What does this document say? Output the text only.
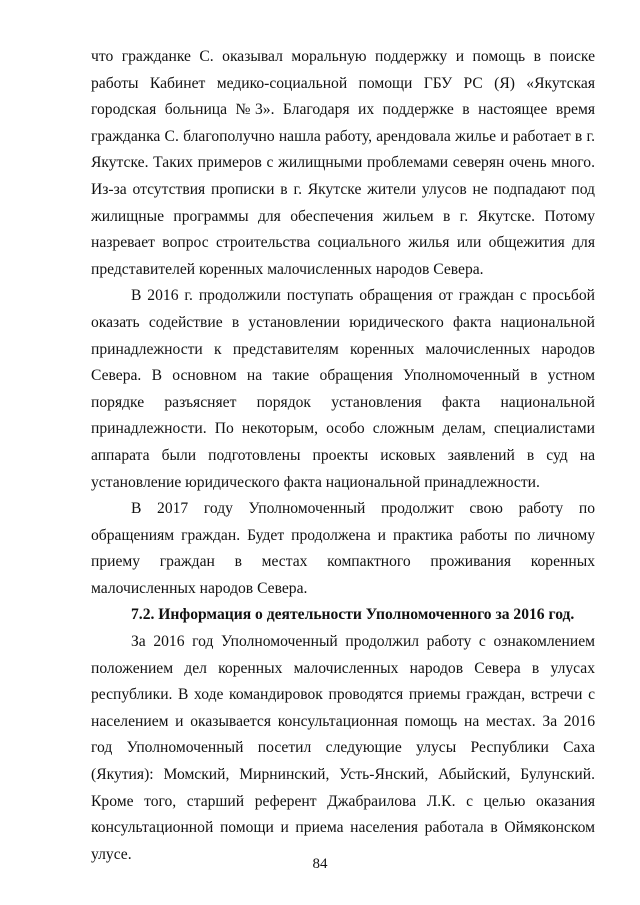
что гражданке С. оказывал моральную поддержку и помощь в поиске работы Кабинет медико-социальной помощи ГБУ РС (Я) «Якутская городская больница №3». Благодаря их поддержке в настоящее время гражданка С. благополучно нашла работу, арендовала жилье и работает в г. Якутске. Таких примеров с жилищными проблемами северян очень много. Из-за отсутствия прописки в г. Якутске жители улусов не подпадают под жилищные программы для обеспечения жильем в г. Якутске. Потому назревает вопрос строительства социального жилья или общежития для представителей коренных малочисленных народов Севера.

В 2016 г. продолжили поступать обращения от граждан с просьбой оказать содействие в установлении юридического факта национальной принадлежности к представителям коренных малочисленных народов Севера. В основном на такие обращения Уполномоченный в устном порядке разъясняет порядок установления факта национальной принадлежности. По некоторым, особо сложным делам, специалистами аппарата были подготовлены проекты исковых заявлений в суд на установление юридического факта национальной принадлежности.

В 2017 году Уполномоченный продолжит свою работу по обращениям граждан. Будет продолжена и практика работы по личному приему граждан в местах компактного проживания коренных малочисленных народов Севера.

7.2. Информация о деятельности Уполномоченного за 2016 год.

За 2016 год Уполномоченный продолжил работу с ознакомлением положением дел коренных малочисленных народов Севера в улусах республики. В ходе командировок проводятся приемы граждан, встречи с населением и оказывается консультационная помощь на местах. За 2016 год Уполномоченный посетил следующие улусы Республики Саха (Якутия): Момский, Мирнинский, Усть-Янский, Абыйский, Булунский. Кроме того, старший референт Джабраилова Л.К. с целью оказания консультационной помощи и приема населения работала в Оймяконском улусе.

84
